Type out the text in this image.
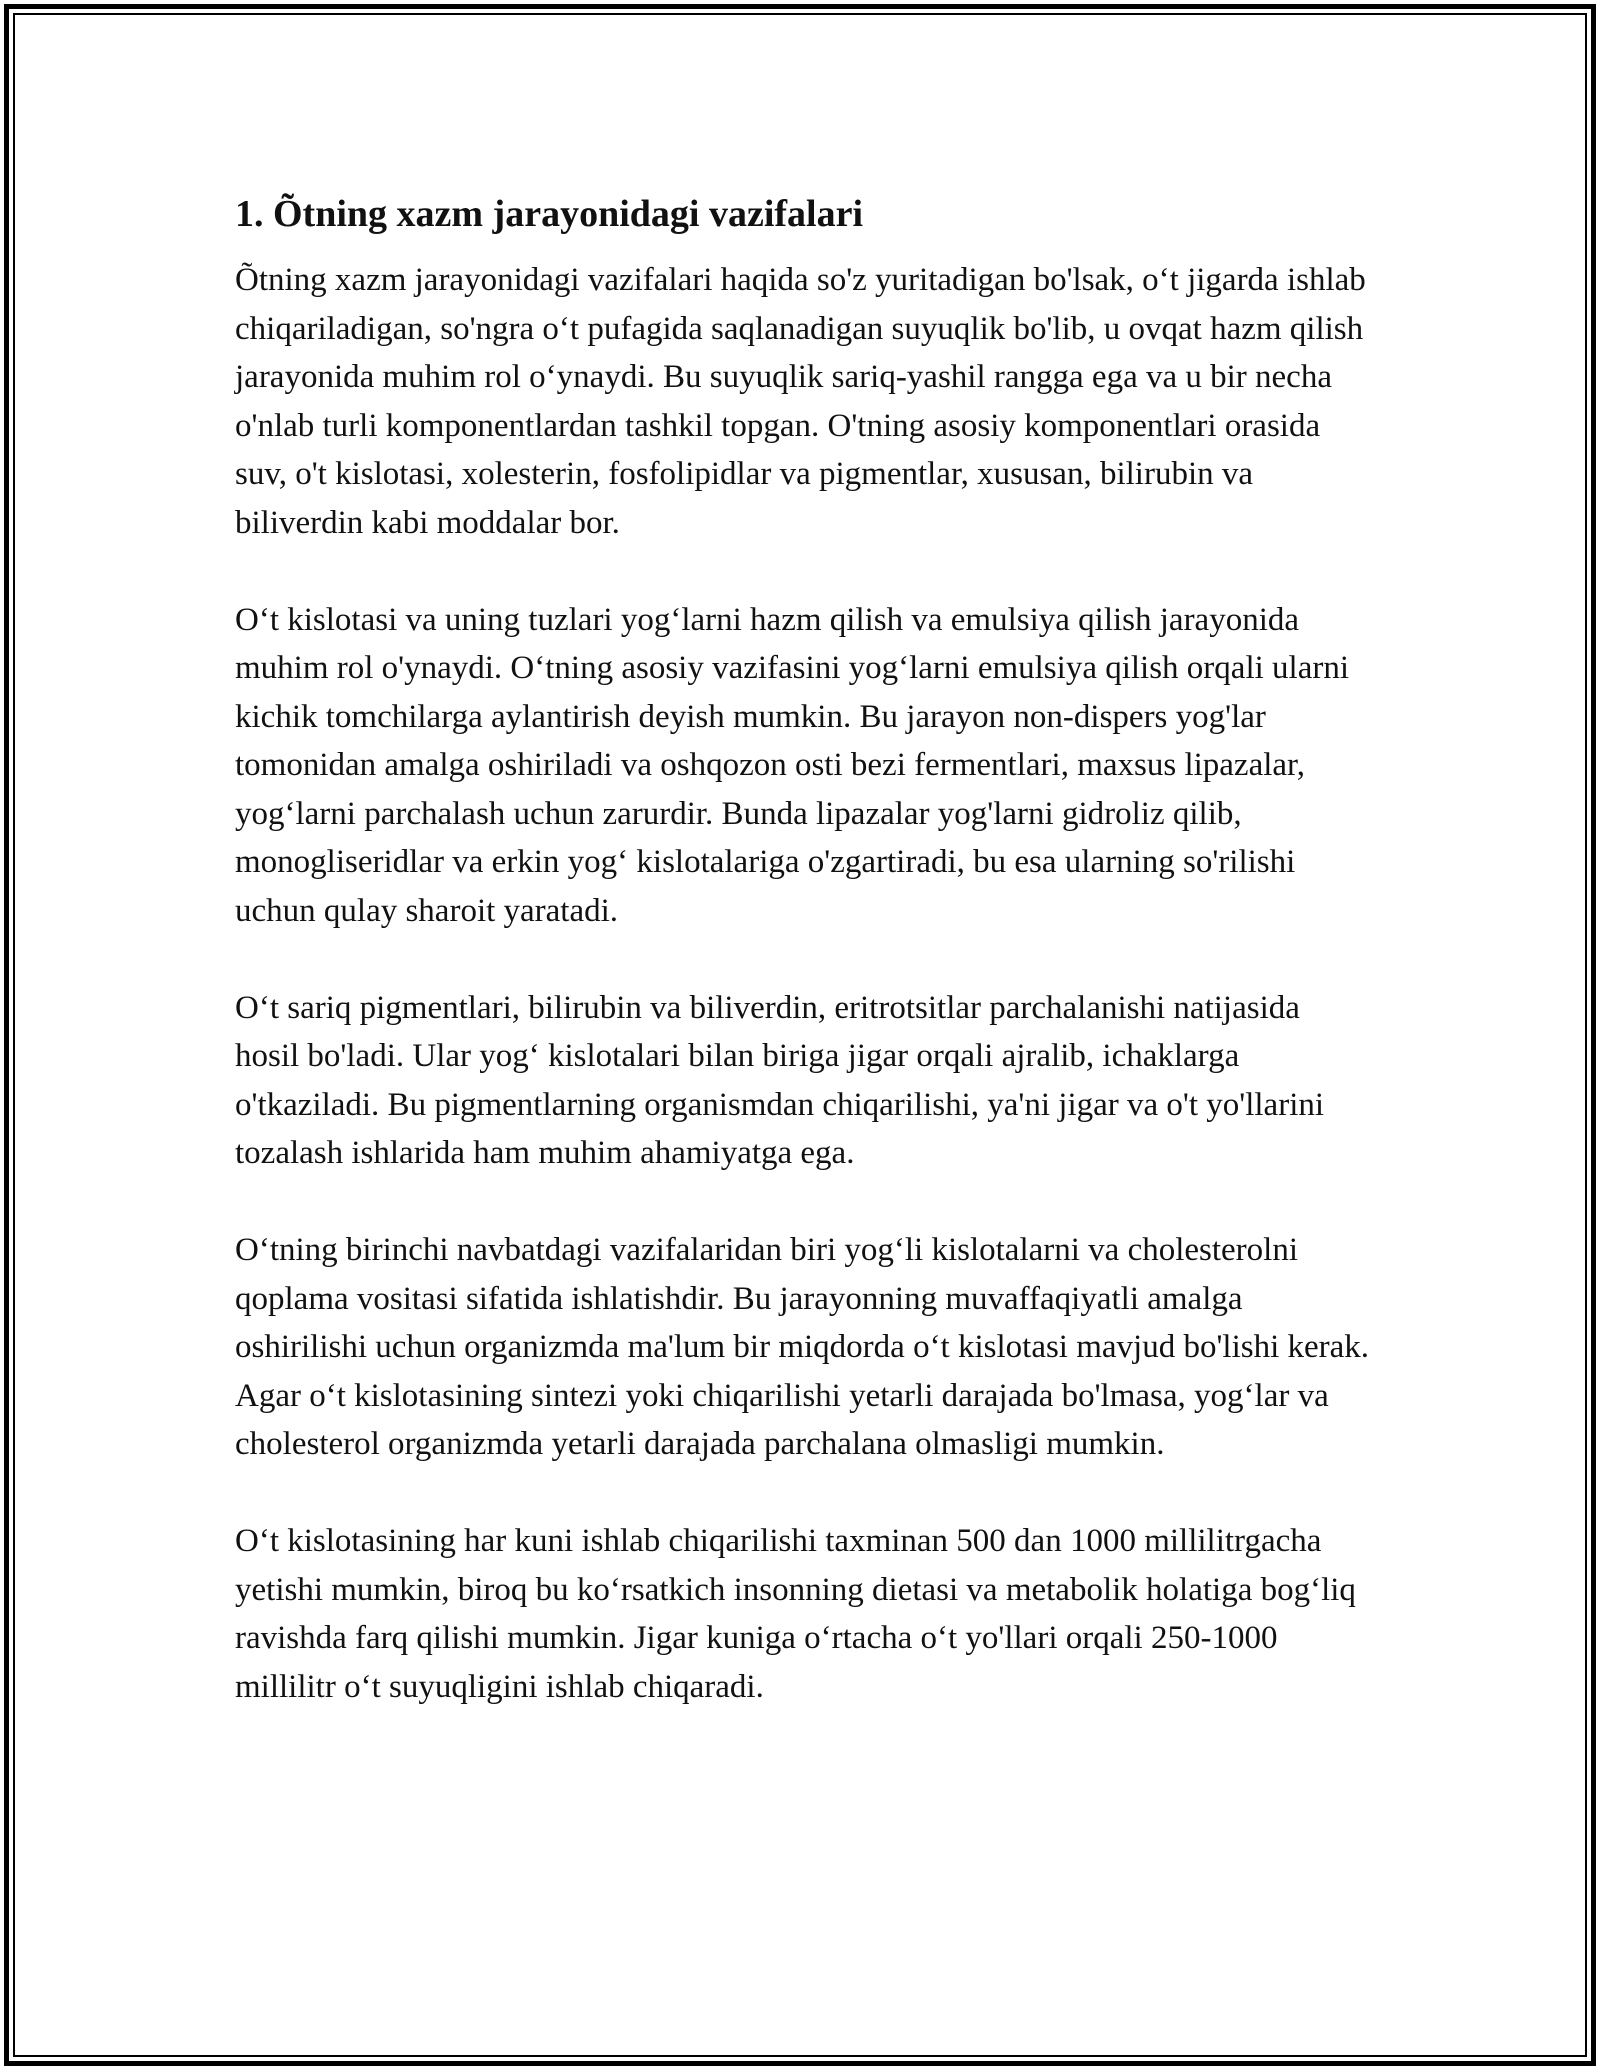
1. Õtning xazm jarayonidagi vazifalari

Õtning xazm jarayonidagi vazifalari haqida so'z yuritadigan bo'lsak, o‘t jigarda ishlab chiqariladigan, so'ngra o‘t pufagida saqlanadigan suyuqlik bo'lib, u ovqat hazm qilish jarayonida muhim rol o‘ynaydi. Bu suyuqlik sariq-yashil rangga ega va u bir necha o'nlab turli komponentlardan tashkil topgan. O'tning asosiy komponentlari orasida suv, o't kislotasi, xolesterin, fosfolipidlar va pigmentlar, xususan, bilirubin va biliverdin kabi moddalar bor.

O‘t kislotasi va uning tuzlari yog‘larni hazm qilish va emulsiya qilish jarayonida muhim rol o'ynaydi. O‘tning asosiy vazifasini yog‘larni emulsiya qilish orqali ularni kichik tomchilarga aylantirish deyish mumkin. Bu jarayon non-dispers yog'lar tomonidan amalga oshiriladi va oshqozon osti bezi fermentlari, maxsus lipazalar, yog‘larni parchalash uchun zarurdir. Bunda lipazalar yog'larni gidroliz qilib, monogliseridlar va erkin yog‘ kislotalariga o'zgartiradi, bu esa ularning so'rilishi uchun qulay sharoit yaratadi.

O‘t sariq pigmentlari, bilirubin va biliverdin, eritrotsitlar parchalanishi natijasida hosil bo'ladi. Ular yog‘ kislotalari bilan biriga jigar orqali ajralib, ichaklarga o'tkaziladi. Bu pigmentlarning organismdan chiqarilishi, ya'ni jigar va o't yo'llarini tozalash ishlarida ham muhim ahamiyatga ega.

O‘tning birinchi navbatdagi vazifalaridan biri yog‘li kislotalarni va cholesterolni qoplama vositasi sifatida ishlatishdir. Bu jarayonning muvaffaqiyatli amalga oshirilishi uchun organizmda ma'lum bir miqdorda o‘t kislotasi mavjud bo'lishi kerak. Agar o‘t kislotasining sintezi yoki chiqarilishi yetarli darajada bo'lmasa, yog‘lar va cholesterol organizmda yetarli darajada parchalana olmasligi mumkin.

O‘t kislotasining har kuni ishlab chiqarilishi taxminan 500 dan 1000 millilitrgacha yetishi mumkin, biroq bu ko‘rsatkich insonning dietasi va metabolik holatiga bog‘liq ravishda farq qilishi mumkin. Jigar kuniga o‘rtacha o‘t yo'llari orqali 250-1000 millilitr o‘t suyuqligini ishlab chiqaradi.
